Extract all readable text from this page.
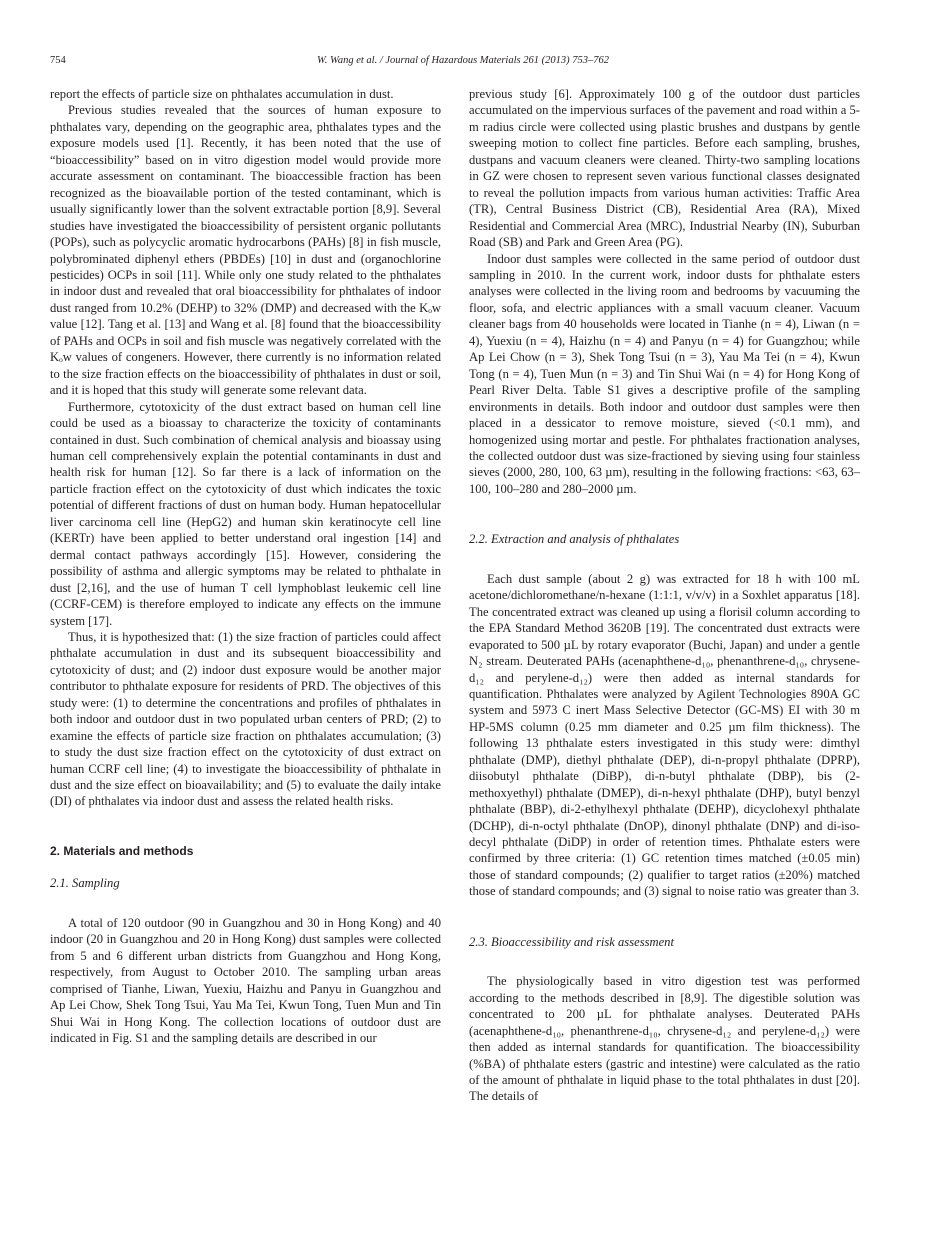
754	W. Wang et al. / Journal of Hazardous Materials 261 (2013) 753–762

report the effects of particle size on phthalates accumulation in dust.

Previous studies revealed that the sources of human exposure to phthalates vary, depending on the geographic area, phthalates types and the exposure models used [1]. Recently, it has been noted that the use of “bioaccessibility” based on in vitro digestion model would provide more accurate assessment on contaminant. The bioaccessible fraction has been recognized as the bioavailable portion of the tested contaminant, which is usually significantly lower than the solvent extractable portion [8,9]. Several studies have investigated the bioaccessibility of persistent organic pollutants (POPs), such as polycyclic aromatic hydrocarbons (PAHs) [8] in fish muscle, polybrominated diphenyl ethers (PBDEs) [10] in dust and (organochlorine pesticides) OCPs in soil [11]. While only one study related to the phthalates in indoor dust and revealed that oral bioaccessibility for phthalates of indoor dust ranged from 10.2% (DEHP) to 32% (DMP) and decreased with the Kₒw value [12]. Tang et al. [13] and Wang et al. [8] found that the bioaccessibility of PAHs and OCPs in soil and fish muscle was negatively correlated with the Kₒw values of congeners. However, there currently is no information related to the size fraction effects on the bioaccessibility of phthalates in dust or soil, and it is hoped that this study will generate some relevant data.

Furthermore, cytotoxicity of the dust extract based on human cell line could be used as a bioassay to characterize the toxicity of contaminants contained in dust. Such combination of chemical analysis and bioassay using human cell comprehensively explain the potential contaminants in dust and health risk for human [12]. So far there is a lack of information on the particle fraction effect on the cytotoxicity of dust which indicates the toxic potential of different fractions of dust on human body. Human hepatocellular liver carcinoma cell line (HepG2) and human skin keratinocyte cell line (KERTr) have been applied to better understand oral ingestion [14] and dermal contact pathways accordingly [15]. However, considering the possibility of asthma and allergic symptoms may be related to phthalate in dust [2,16], and the use of human T cell lymphoblast leukemic cell line (CCRF-CEM) is therefore employed to indicate any effects on the immune system [17].

Thus, it is hypothesized that: (1) the size fraction of particles could affect phthalate accumulation in dust and its subsequent bioaccessibility and cytotoxicity of dust; and (2) indoor dust exposure would be another major contributor to phthalate exposure for residents of PRD. The objectives of this study were: (1) to determine the concentrations and profiles of phthalates in both indoor and outdoor dust in two populated urban centers of PRD; (2) to examine the effects of particle size fraction on phthalates accumulation; (3) to study the dust size fraction effect on the cytotoxicity of dust extract on human CCRF cell line; (4) to investigate the bioaccessibility of phthalate in dust and the size effect on bioavailability; and (5) to evaluate the daily intake (DI) of phthalates via indoor dust and assess the related health risks.

2. Materials and methods
2.1. Sampling

A total of 120 outdoor (90 in Guangzhou and 30 in Hong Kong) and 40 indoor (20 in Guangzhou and 20 in Hong Kong) dust samples were collected from 5 and 6 different urban districts from Guangzhou and Hong Kong, respectively, from August to October 2010. The sampling urban areas comprised of Tianhe, Liwan, Yuexiu, Haizhu and Panyu in Guangzhou and Ap Lei Chow, Shek Tong Tsui, Yau Ma Tei, Kwun Tong, Tuen Mun and Tin Shui Wai in Hong Kong. The collection locations of outdoor dust are indicated in Fig. S1 and the sampling details are described in our

previous study [6]. Approximately 100 g of the outdoor dust particles accumulated on the impervious surfaces of the pavement and road within a 5-m radius circle were collected using plastic brushes and dustpans by gentle sweeping motion to collect fine particles. Before each sampling, brushes, dustpans and vacuum cleaners were cleaned. Thirty-two sampling locations in GZ were chosen to represent seven various functional classes designated to reveal the pollution impacts from various human activities: Traffic Area (TR), Central Business District (CB), Residential Area (RA), Mixed Residential and Commercial Area (MRC), Industrial Nearby (IN), Suburban Road (SB) and Park and Green Area (PG).

Indoor dust samples were collected in the same period of outdoor dust sampling in 2010. In the current work, indoor dusts for phthalate esters analyses were collected in the living room and bedrooms by vacuuming the floor, sofa, and electric appliances with a small vacuum cleaner. Vacuum cleaner bags from 40 households were located in Tianhe (n = 4), Liwan (n = 4), Yuexiu (n = 4), Haizhu (n = 4) and Panyu (n = 4) for Guangzhou; while Ap Lei Chow (n = 3), Shek Tong Tsui (n = 3), Yau Ma Tei (n = 4), Kwun Tong (n = 4), Tuen Mun (n = 3) and Tin Shui Wai (n = 4) for Hong Kong of Pearl River Delta. Table S1 gives a descriptive profile of the sampling environments in details. Both indoor and outdoor dust samples were then placed in a dessicator to remove moisture, sieved (<0.1 mm), and homogenized using mortar and pestle. For phthalates fractionation analyses, the collected outdoor dust was size-fractioned by sieving using four stainless sieves (2000, 280, 100, 63 µm), resulting in the following fractions: <63, 63–100, 100–280 and 280–2000 µm.

2.2. Extraction and analysis of phthalates

Each dust sample (about 2 g) was extracted for 18 h with 100 mL acetone/dichloromethane/n-hexane (1:1:1, v/v/v) in a Soxhlet apparatus [18]. The concentrated extract was cleaned up using a florisil column according to the EPA Standard Method 3620B [19]. The concentrated dust extracts were evaporated to 500 µL by rotary evaporator (Buchi, Japan) and under a gentle N₂ stream. Deuterated PAHs (acenaphthene-d₁₀, phenanthrene-d₁₀, chrysene-d₁₂ and perylene-d₁₂) were then added as internal standards for quantification. Phthalates were analyzed by Agilent Technologies 890A GC system and 5973 C inert Mass Selective Detector (GC-MS) EI with 30 m HP-5MS column (0.25 mm diameter and 0.25 µm film thickness). The following 13 phthalate esters investigated in this study were: dimthyl phthalate (DMP), diethyl phthalate (DEP), di-n-propyl phthalate (DPRP), diisobutyl phthalate (DiBP), di-n-butyl phthalate (DBP), bis (2-methoxyethyl) phthalate (DMEP), di-n-hexyl phthalate (DHP), butyl benzyl phthalate (BBP), di-2-ethylhexyl phthalate (DEHP), dicyclohexyl phthalate (DCHP), di-n-octyl phthalate (DnOP), dinonyl phthalate (DNP) and di-iso-decyl phthalate (DiDP) in order of retention times. Phthalate esters were confirmed by three criteria: (1) GC retention times matched (±0.05 min) those of standard compounds; (2) qualifier to target ratios (±20%) matched those of standard compounds; and (3) signal to noise ratio was greater than 3.

2.3. Bioaccessibility and risk assessment

The physiologically based in vitro digestion test was performed according to the methods described in [8,9]. The digestible solution was concentrated to 200 µL for phthalate analyses. Deuterated PAHs (acenaphthene-d₁₀, phenanthrene-d₁₀, chrysene-d₁₂ and perylene-d₁₂) were then added as internal standards for quantification. The bioaccessibility (%BA) of phthalate esters (gastric and intestine) were calculated as the ratio of the amount of phthalate in liquid phase to the total phthalates in dust [20]. The details of
